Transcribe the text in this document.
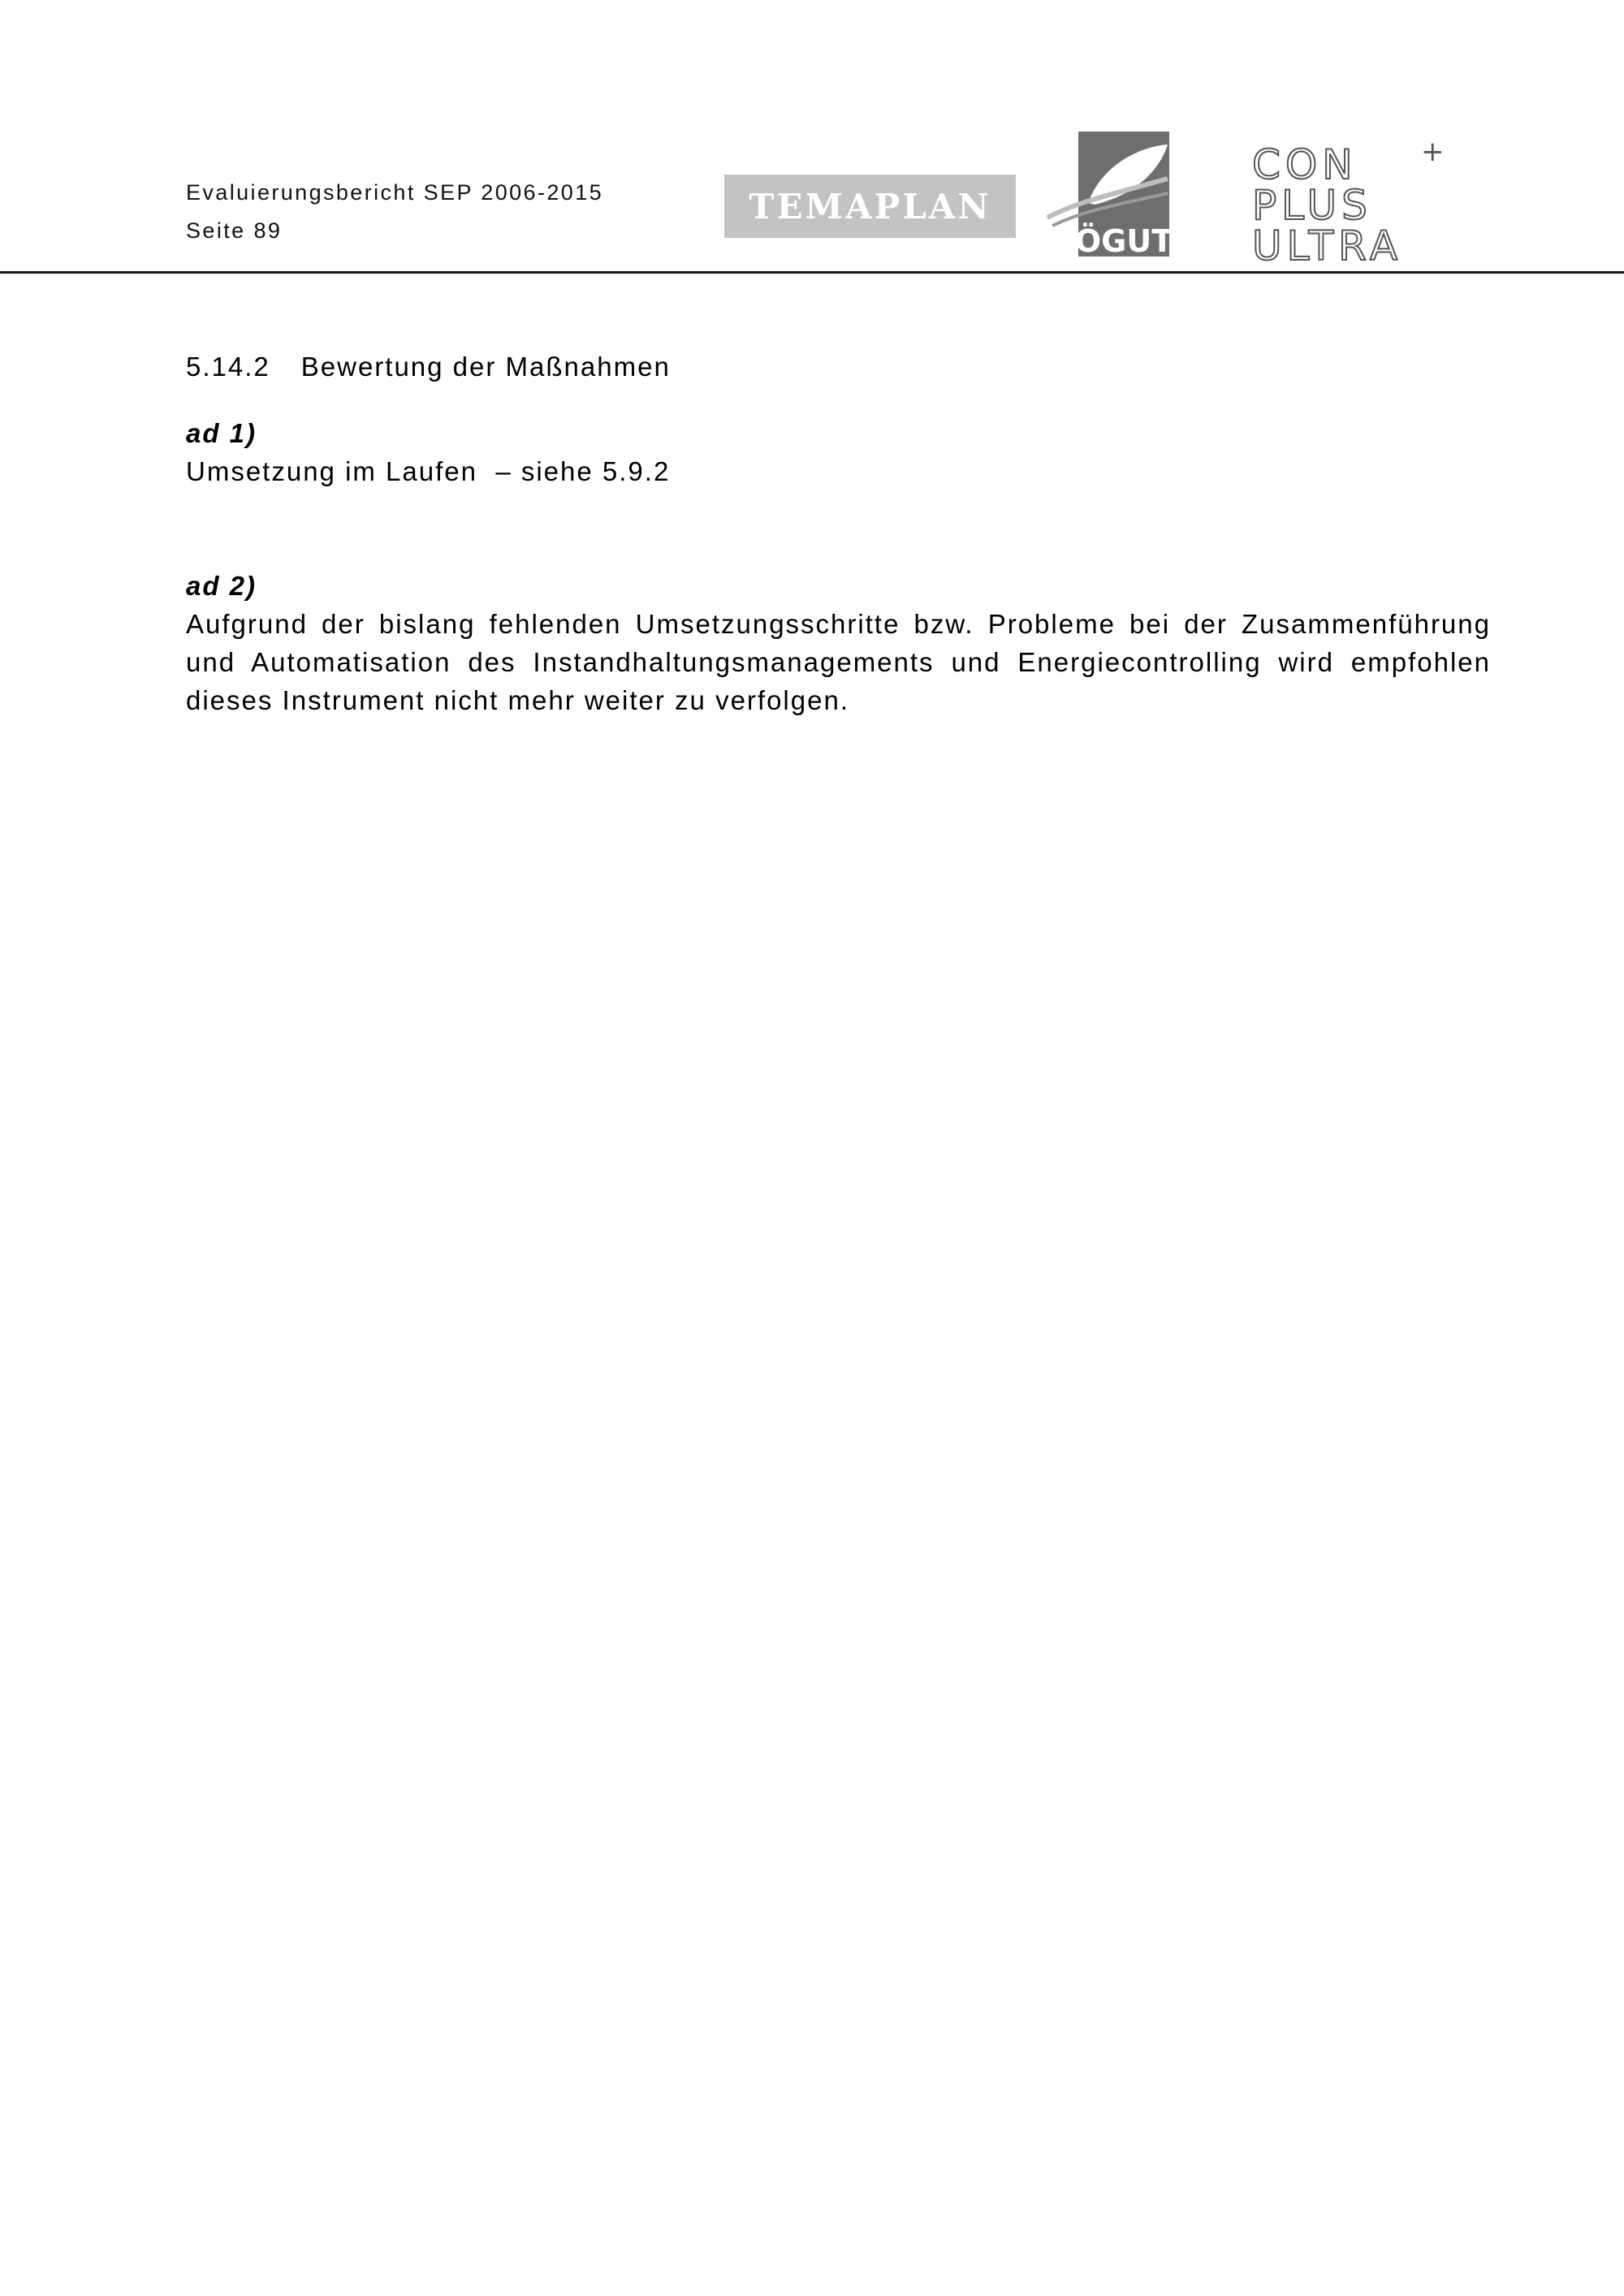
Evaluierungsbericht SEP 2006-2015
Seite 89
TEMAPLAN
ÖGUT
CON
PLUS
ULTRA
+
5.14.2 Bewertung der Maßnahmen
ad 1)

Umsetzung im Laufen  – siehe 5.9.2

ad 2)

Aufgrund der bislang fehlenden Umsetzungsschritte bzw. Probleme bei der Zusammenführung und Automatisation des Instandhaltungsmanagements und Energiecontrolling wird empfohlen dieses Instrument nicht mehr weiter zu verfolgen.
